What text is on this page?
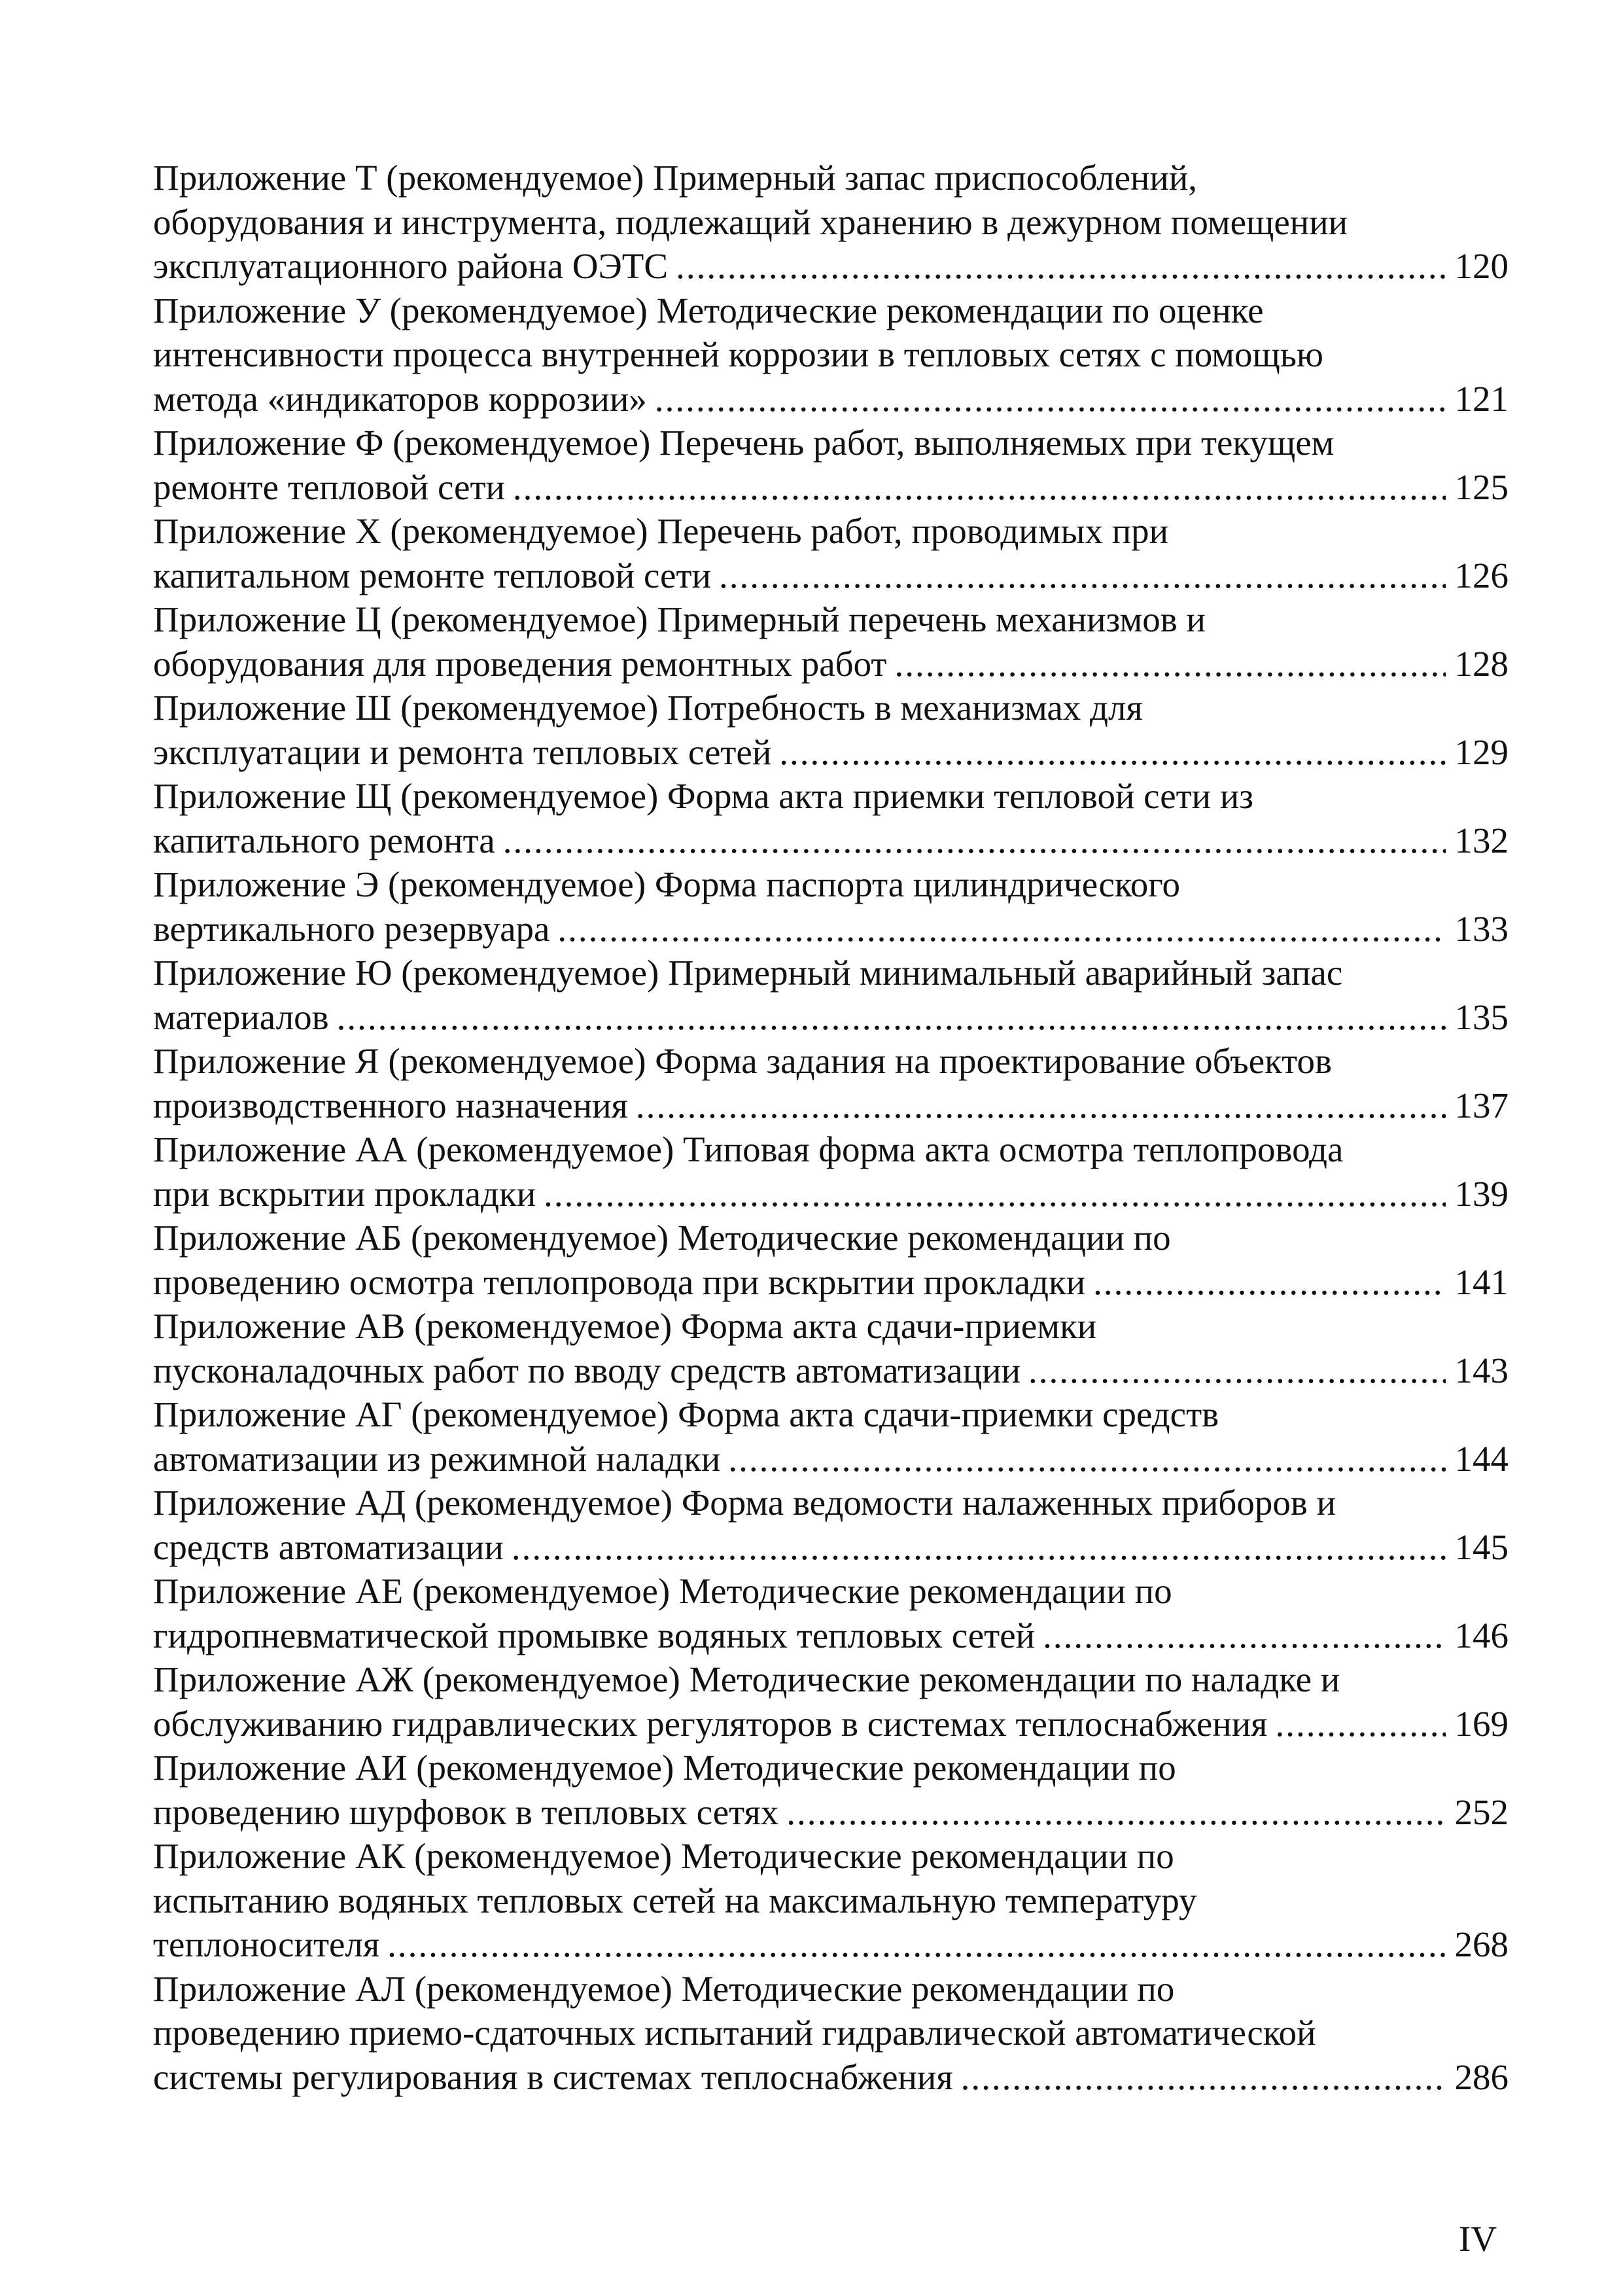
Приложение Т (рекомендуемое) Примерный запас приспособлений,
оборудования и инструмента, подлежащий хранению в дежурном помещении
эксплуатационного района ОЭТС .....	120
Приложение У (рекомендуемое) Методические рекомендации по оценке
интенсивности процесса внутренней коррозии в тепловых сетях с помощью
метода «индикаторов коррозии» .....	121
Приложение Ф (рекомендуемое) Перечень работ, выполняемых при текущем
ремонте тепловой сети .....	125
Приложение Х (рекомендуемое) Перечень работ, проводимых при
капитальном ремонте тепловой сети .....	126
Приложение Ц (рекомендуемое) Примерный перечень механизмов и
оборудования для проведения ремонтных работ .....	128
Приложение Ш (рекомендуемое) Потребность в механизмах для
эксплуатации и ремонта тепловых сетей .....	129
Приложение Щ (рекомендуемое) Форма акта приемки тепловой сети из
капитального ремонта .....	132
Приложение Э (рекомендуемое) Форма паспорта цилиндрического
вертикального резервуара .....	133
Приложение Ю (рекомендуемое) Примерный минимальный аварийный запас
материалов .....	135
Приложение Я (рекомендуемое) Форма задания на проектирование объектов
производственного назначения .....	137
Приложение АА (рекомендуемое) Типовая форма акта осмотра теплопровода
при вскрытии прокладки .....	139
Приложение АБ (рекомендуемое) Методические рекомендации по
проведению осмотра теплопровода при вскрытии прокладки .....	141
Приложение АВ (рекомендуемое) Форма акта сдачи-приемки
пусконаладочных работ по вводу средств автоматизации .....	143
Приложение АГ (рекомендуемое) Форма акта сдачи-приемки средств
автоматизации из режимной наладки .....	144
Приложение АД (рекомендуемое) Форма ведомости налаженных приборов и
средств автоматизации .....	145
Приложение АЕ (рекомендуемое) Методические рекомендации по
гидропневматической промывке водяных тепловых сетей .....	146
Приложение АЖ (рекомендуемое) Методические рекомендации по наладке и
обслуживанию гидравлических регуляторов в системах теплоснабжения .....	169
Приложение АИ (рекомендуемое) Методические рекомендации по
проведению шурфовок в тепловых сетях .....	252
Приложение АК (рекомендуемое) Методические рекомендации по
испытанию водяных тепловых сетей на максимальную температуру
теплоносителя .....	268
Приложение АЛ (рекомендуемое) Методические рекомендации по
проведению приемо-сдаточных испытаний гидравлической автоматической
системы регулирования в системах теплоснабжения .....	286
IV
